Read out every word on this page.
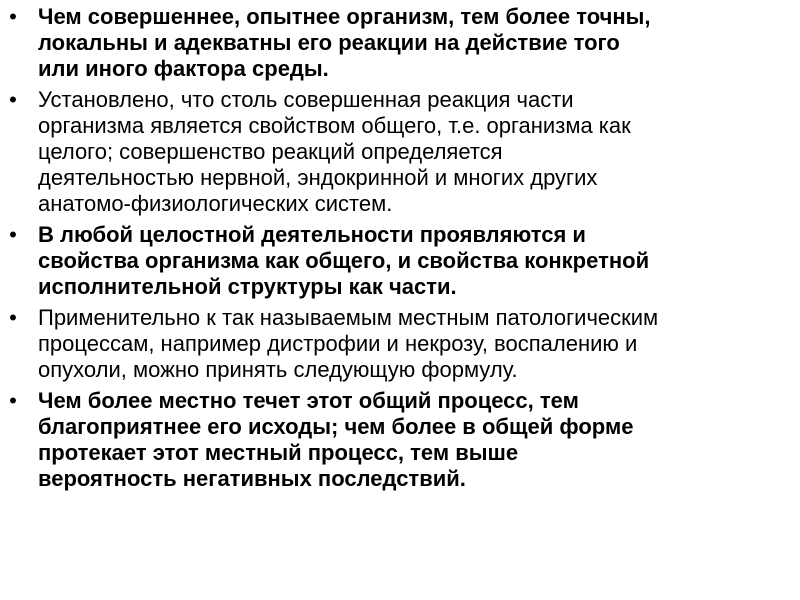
• Чем совершеннее, опытнее организм, тем более точны,
локальны и адекватны его реакции на действие того
или иного фактора среды.
• Установлено, что столь совершенная реакция части
организма является свойством общего, т.е. организма как
целого; совершенство реакций определяется
деятельностью нервной, эндокринной и многих других
анатомо-физиологических систем.
• В любой целостной деятельности проявляются и
свойства организма как общего, и свойства конкретной
исполнительной структуры как части.
• Применительно к так называемым местным патологическим
процессам, например дистрофии и некрозу, воспалению и
опухоли, можно принять следующую формулу.
• Чем более местно течет этот общий процесс, тем
благоприятнее его исходы; чем более в общей форме
протекает этот местный процесс, тем выше
вероятность негативных последствий.
